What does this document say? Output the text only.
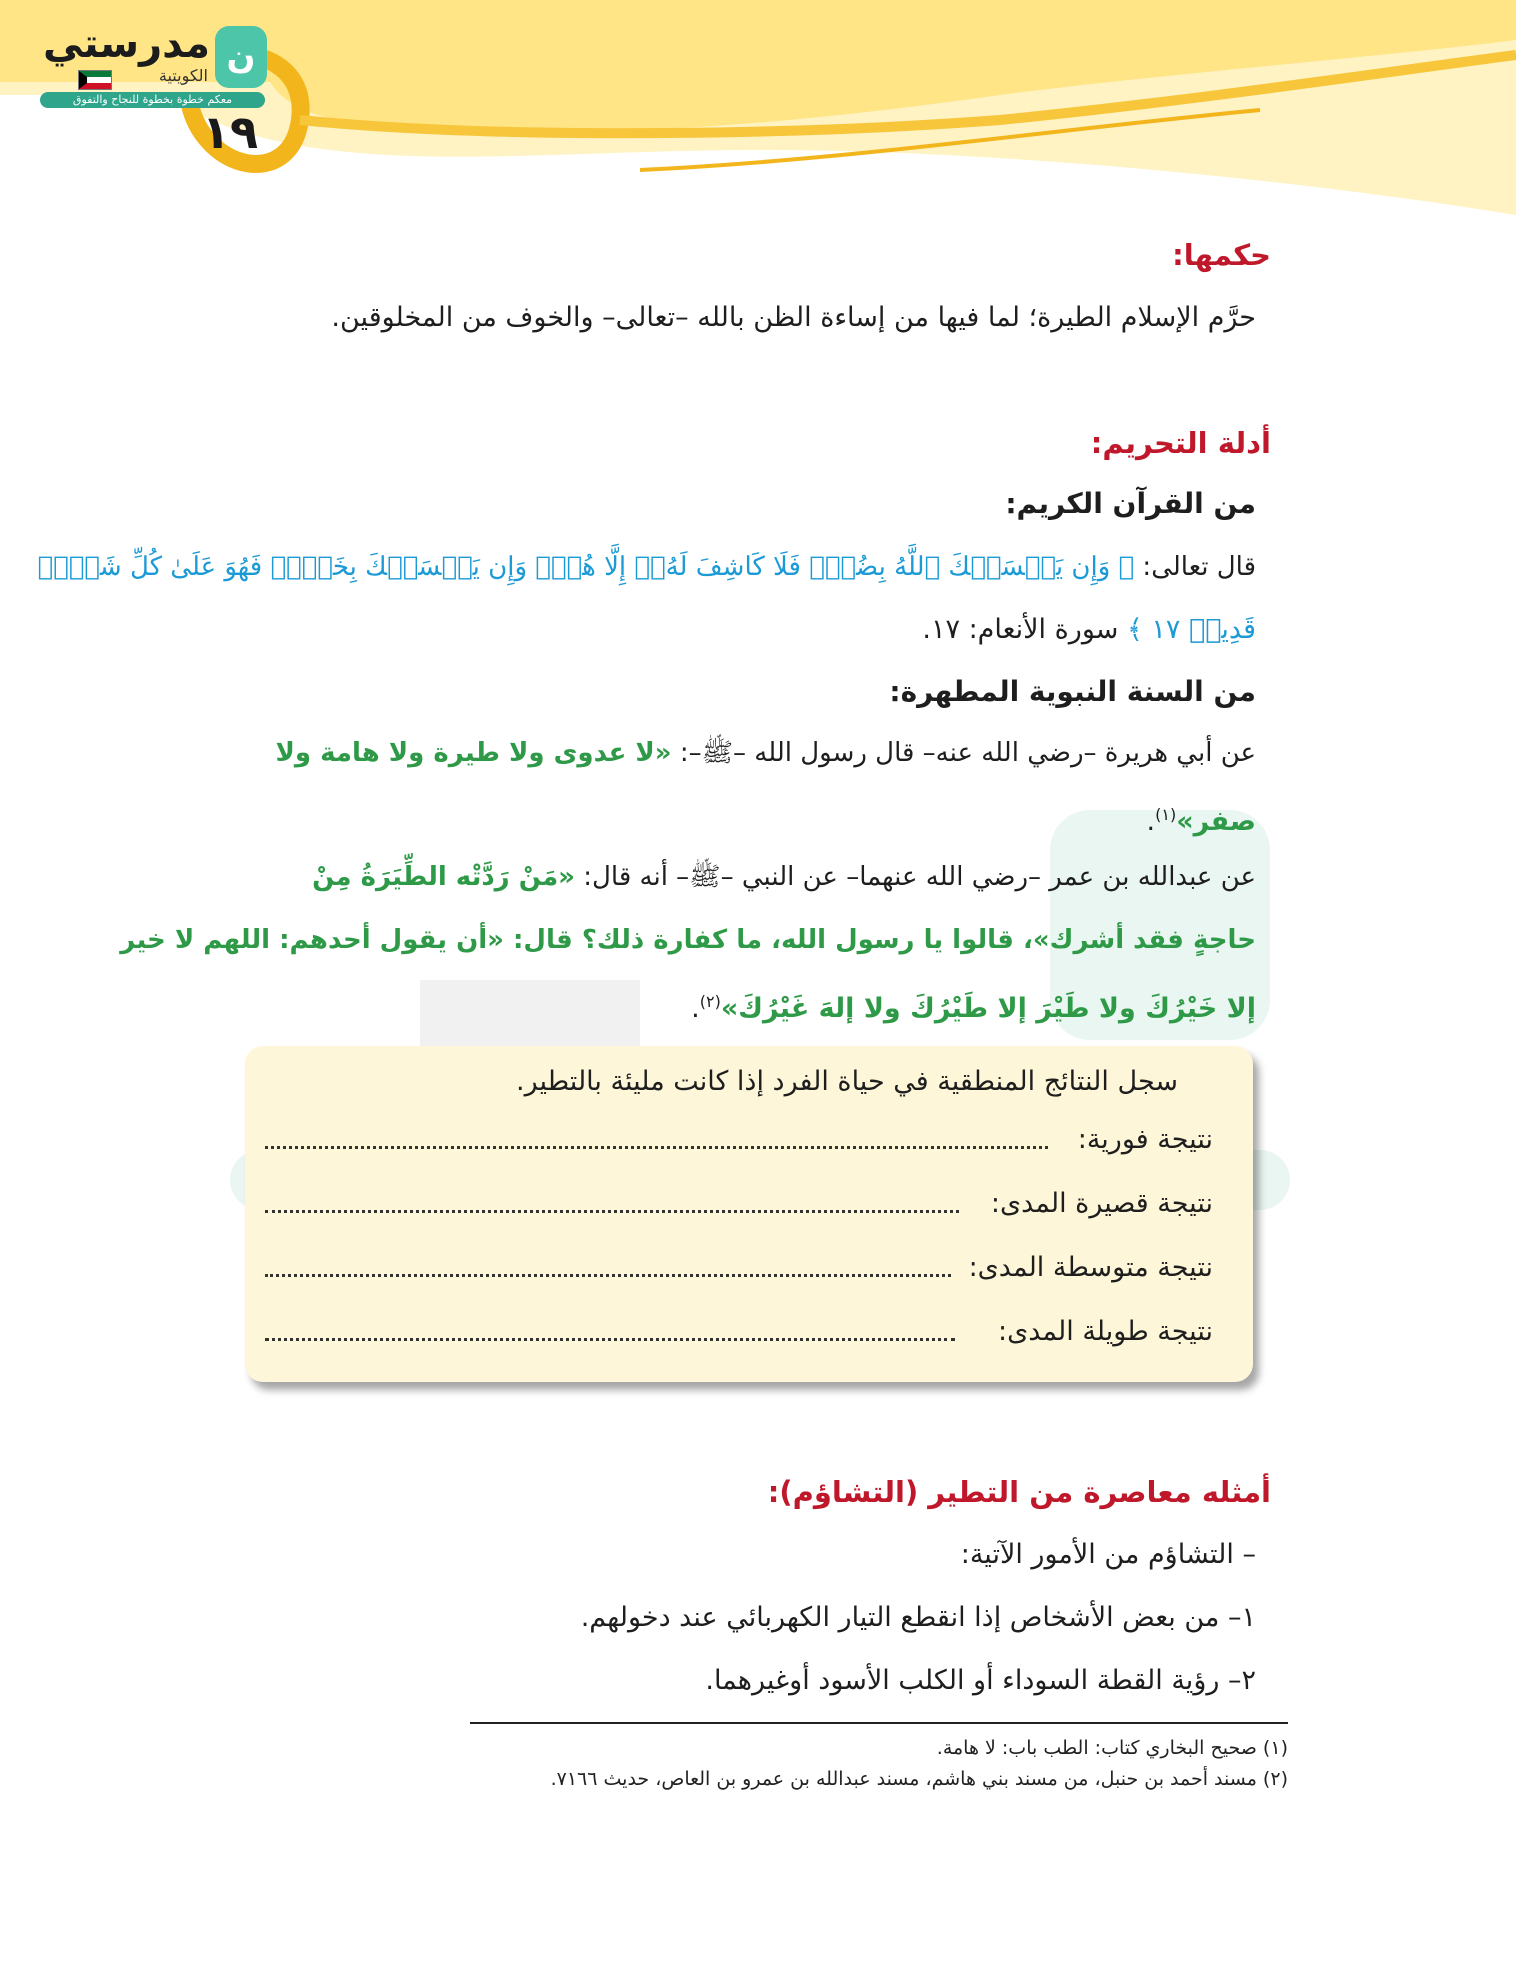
ن
مدرستي
الكويتية
معكم خطوة بخطوة للنجاح والتفوق
١٩
حكمها:
حرَّم الإسلام الطيرة؛ لما فيها من إساءة الظن بالله –تعالى– والخوف من المخلوقين.
أدلة التحريم:
من القرآن الكريم:
قال تعالى: ﴿ وَإِن يَمۡسَسۡكَ ٱللَّهُ بِضُرّٖ فَلَا كَاشِفَ لَهُۥٓ إِلَّا هُوَۖ وَإِن يَمۡسَسۡكَ بِخَيۡرٖ فَهُوَ عَلَىٰ كُلِّ شَيۡءٖ
قَدِيرٞ ١٧ ﴾ سورة الأنعام: ١٧.
من السنة النبوية المطهرة:
عن أبي هريرة –رضي الله عنه– قال رسول الله –ﷺ–: «لا عدوى ولا طيرة ولا هامة ولا
صفر»$^{(١)}$.
عن عبدالله بن عمر –رضي الله عنهما– عن النبي –ﷺ– أنه قال: «مَنْ رَدَّتْه الطِّيَرَةُ مِنْ
حاجةٍ فقد أشرك»، قالوا يا رسول الله، ما كفارة ذلك؟ قال: «أن يقول أحدهم: اللهم لا خير
إلا خَيْرُكَ ولا طَيْرَ إلا طَيْرُكَ ولا إلهَ غَيْرُكَ»$^{(٢)}$.
سجل النتائج المنطقية في حياة الفرد إذا كانت مليئة بالتطير.
نتيجة فورية:
نتيجة قصيرة المدى:
نتيجة متوسطة المدى:
نتيجة طويلة المدى:
أمثله معاصرة من التطير (التشاؤم):
– التشاؤم من الأمور الآتية:
١– من بعض الأشخاص إذا انقطع التيار الكهربائي عند دخولهم.
٢– رؤية القطة السوداء أو الكلب الأسود أوغيرهما.
(١) صحيح البخاري كتاب: الطب باب: لا هامة.
(٢) مسند أحمد بن حنبل، من مسند بني هاشم، مسند عبدالله بن عمرو بن العاص، حديث ٧١٦٦.
